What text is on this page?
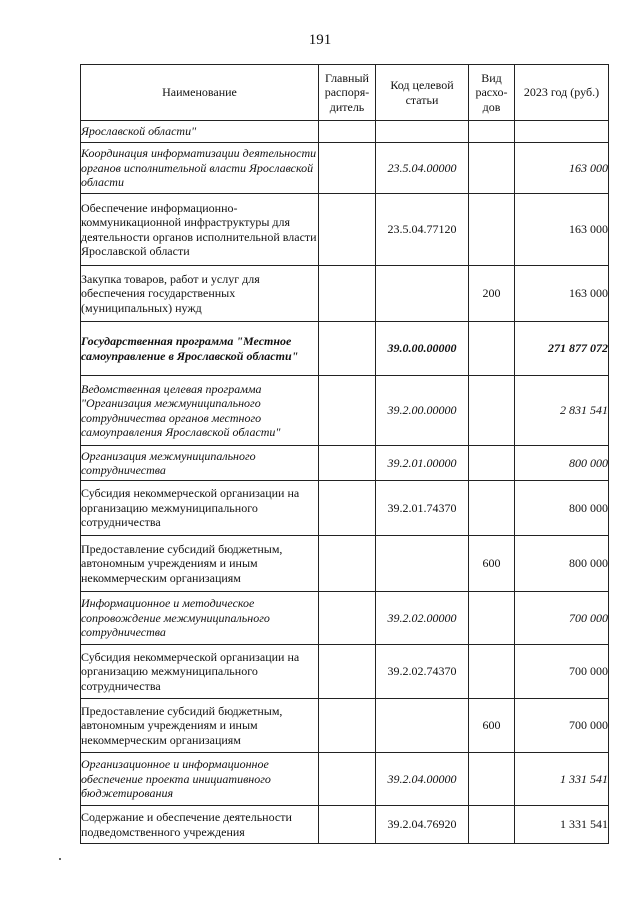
191
Наименование	Главный распоря-дитель	Код целевой статьи	Вид расхо-дов	2023 год (руб.)
Ярославской области"				
Координация информатизации деятельности органов исполнительной власти Ярославской области		23.5.04.00000		163 000
Обеспечение информационно-коммуникационной инфраструктуры для деятельности органов исполнительной власти Ярославской области		23.5.04.77120		163 000
Закупка товаров, работ и услуг для обеспечения государственных (муниципальных) нужд			200	163 000
Государственная программа "Местное самоуправление в Ярославской области"		39.0.00.00000		271 877 072
Ведомственная целевая программа "Организация межмуниципального сотрудничества органов местного самоуправления Ярославской области"		39.2.00.00000		2 831 541
Организация межмуниципального сотрудничества		39.2.01.00000		800 000
Субсидия некоммерческой организации на организацию межмуниципального сотрудничества		39.2.01.74370		800 000
Предоставление субсидий бюджетным, автономным учреждениям и иным некоммерческим организациям			600	800 000
Информационное и методическое сопровождение межмуниципального сотрудничества		39.2.02.00000		700 000
Субсидия некоммерческой организации на организацию межмуниципального сотрудничества		39.2.02.74370		700 000
Предоставление субсидий бюджетным, автономным учреждениям и иным некоммерческим организациям			600	700 000
Организационное и информационное обеспечение проекта инициативного бюджетирования		39.2.04.00000		1 331 541
Содержание и обеспечение деятельности подведомственного учреждения		39.2.04.76920		1 331 541
